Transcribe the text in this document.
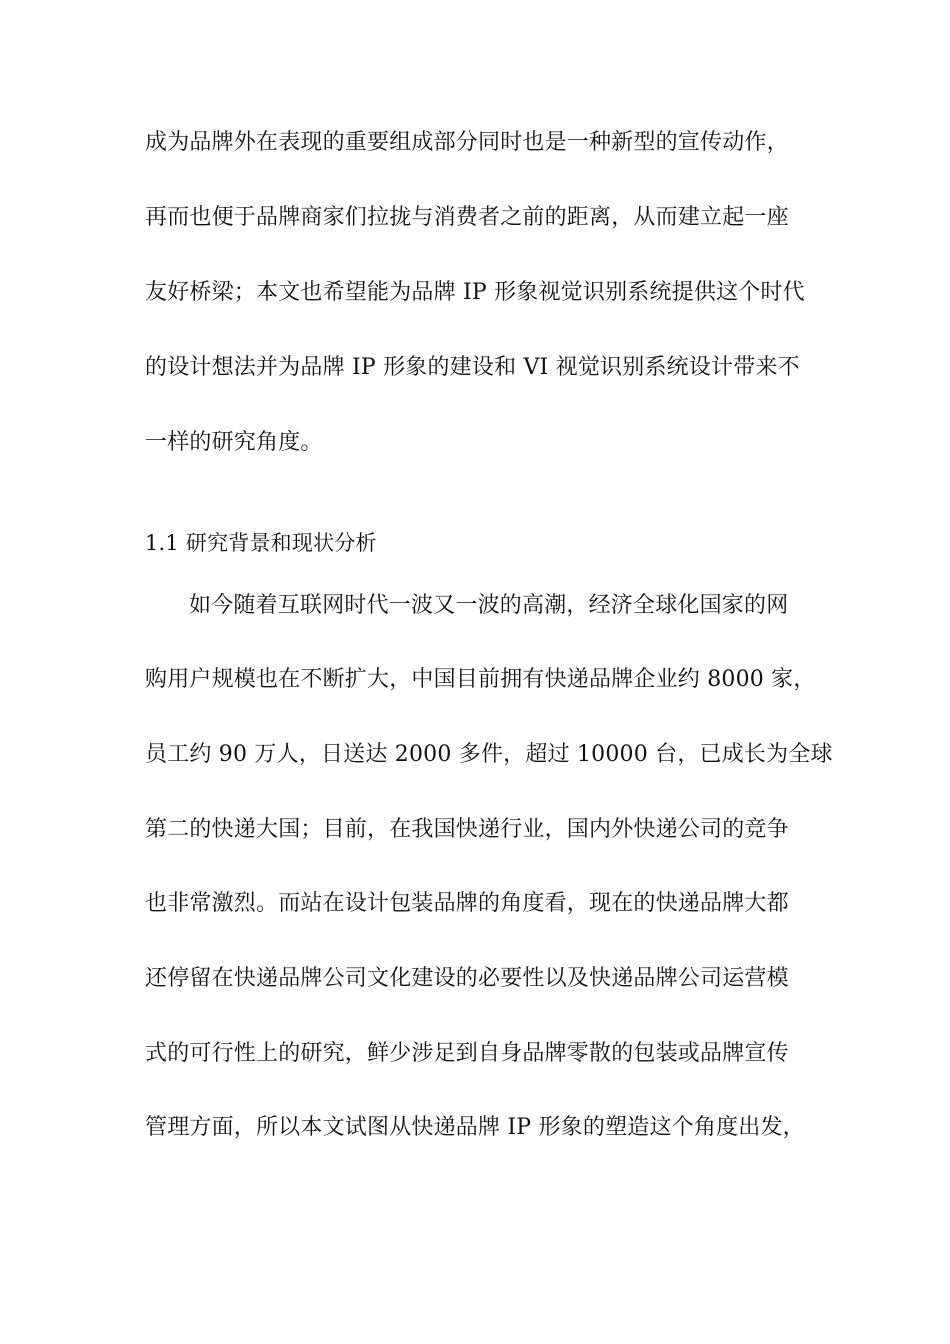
成为品牌外在表现的重要组成部分同时也是一种新型的宣传动作，
再而也便于品牌商家们拉拢与消费者之前的距离，从而建立起一座
友好桥梁；本文也希望能为品牌 IP 形象视觉识别系统提供这个时代
的设计想法并为品牌 IP 形象的建设和 VI 视觉识别系统设计带来不
一样的研究角度。
1.1 研究背景和现状分析
如今随着互联网时代一波又一波的高潮，经济全球化国家的网
购用户规模也在不断扩大，中国目前拥有快递品牌企业约 8000 家，
员工约 90 万人，日送达 2000 多件，超过 10000 台，已成长为全球
第二的快递大国；目前，在我国快递行业，国内外快递公司的竞争
也非常激烈。而站在设计包装品牌的角度看，现在的快递品牌大都
还停留在快递品牌公司文化建设的必要性以及快递品牌公司运营模
式的可行性上的研究，鲜少涉足到自身品牌零散的包装或品牌宣传
管理方面，所以本文试图从快递品牌 IP 形象的塑造这个角度出发，
